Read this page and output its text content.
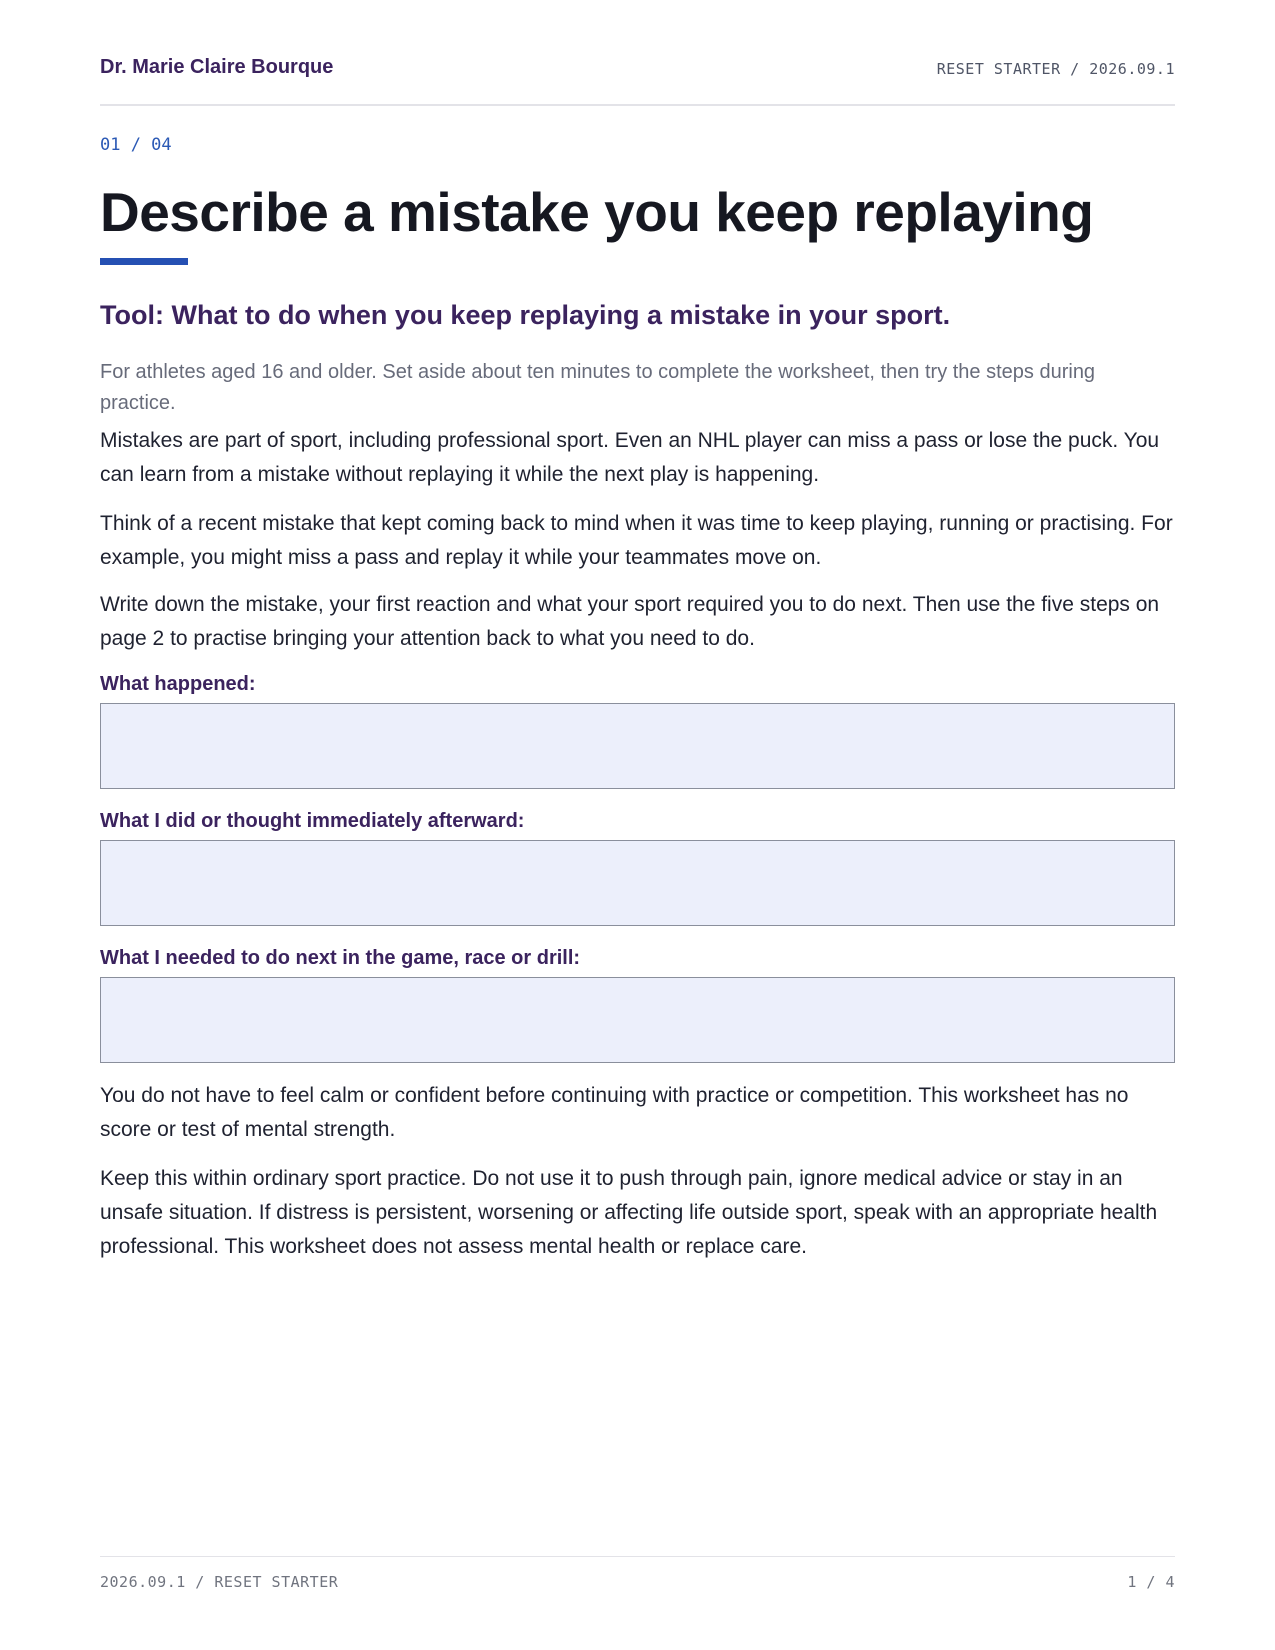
Dr. Marie Claire Bourque	RESET STARTER / 2026.09.1
01 / 04
Describe a mistake you keep replaying
Tool: What to do when you keep replaying a mistake in your sport.

For athletes aged 16 and older. Set aside about ten minutes to complete the worksheet, then try the steps during practice.

Mistakes are part of sport, including professional sport. Even an NHL player can miss a pass or lose the puck. You can learn from a mistake without replaying it while the next play is happening.

Think of a recent mistake that kept coming back to mind when it was time to keep playing, running or practising. For example, you might miss a pass and replay it while your teammates move on.

Write down the mistake, your first reaction and what your sport required you to do next. Then use the five steps on page 2 to practise bringing your attention back to what you need to do.

What happened:

What I did or thought immediately afterward:

What I needed to do next in the game, race or drill:

You do not have to feel calm or confident before continuing with practice or competition. This worksheet has no score or test of mental strength.

Keep this within ordinary sport practice. Do not use it to push through pain, ignore medical advice or stay in an unsafe situation. If distress is persistent, worsening or affecting life outside sport, speak with an appropriate health professional. This worksheet does not assess mental health or replace care.

2026.09.1 / RESET STARTER	1 / 4
